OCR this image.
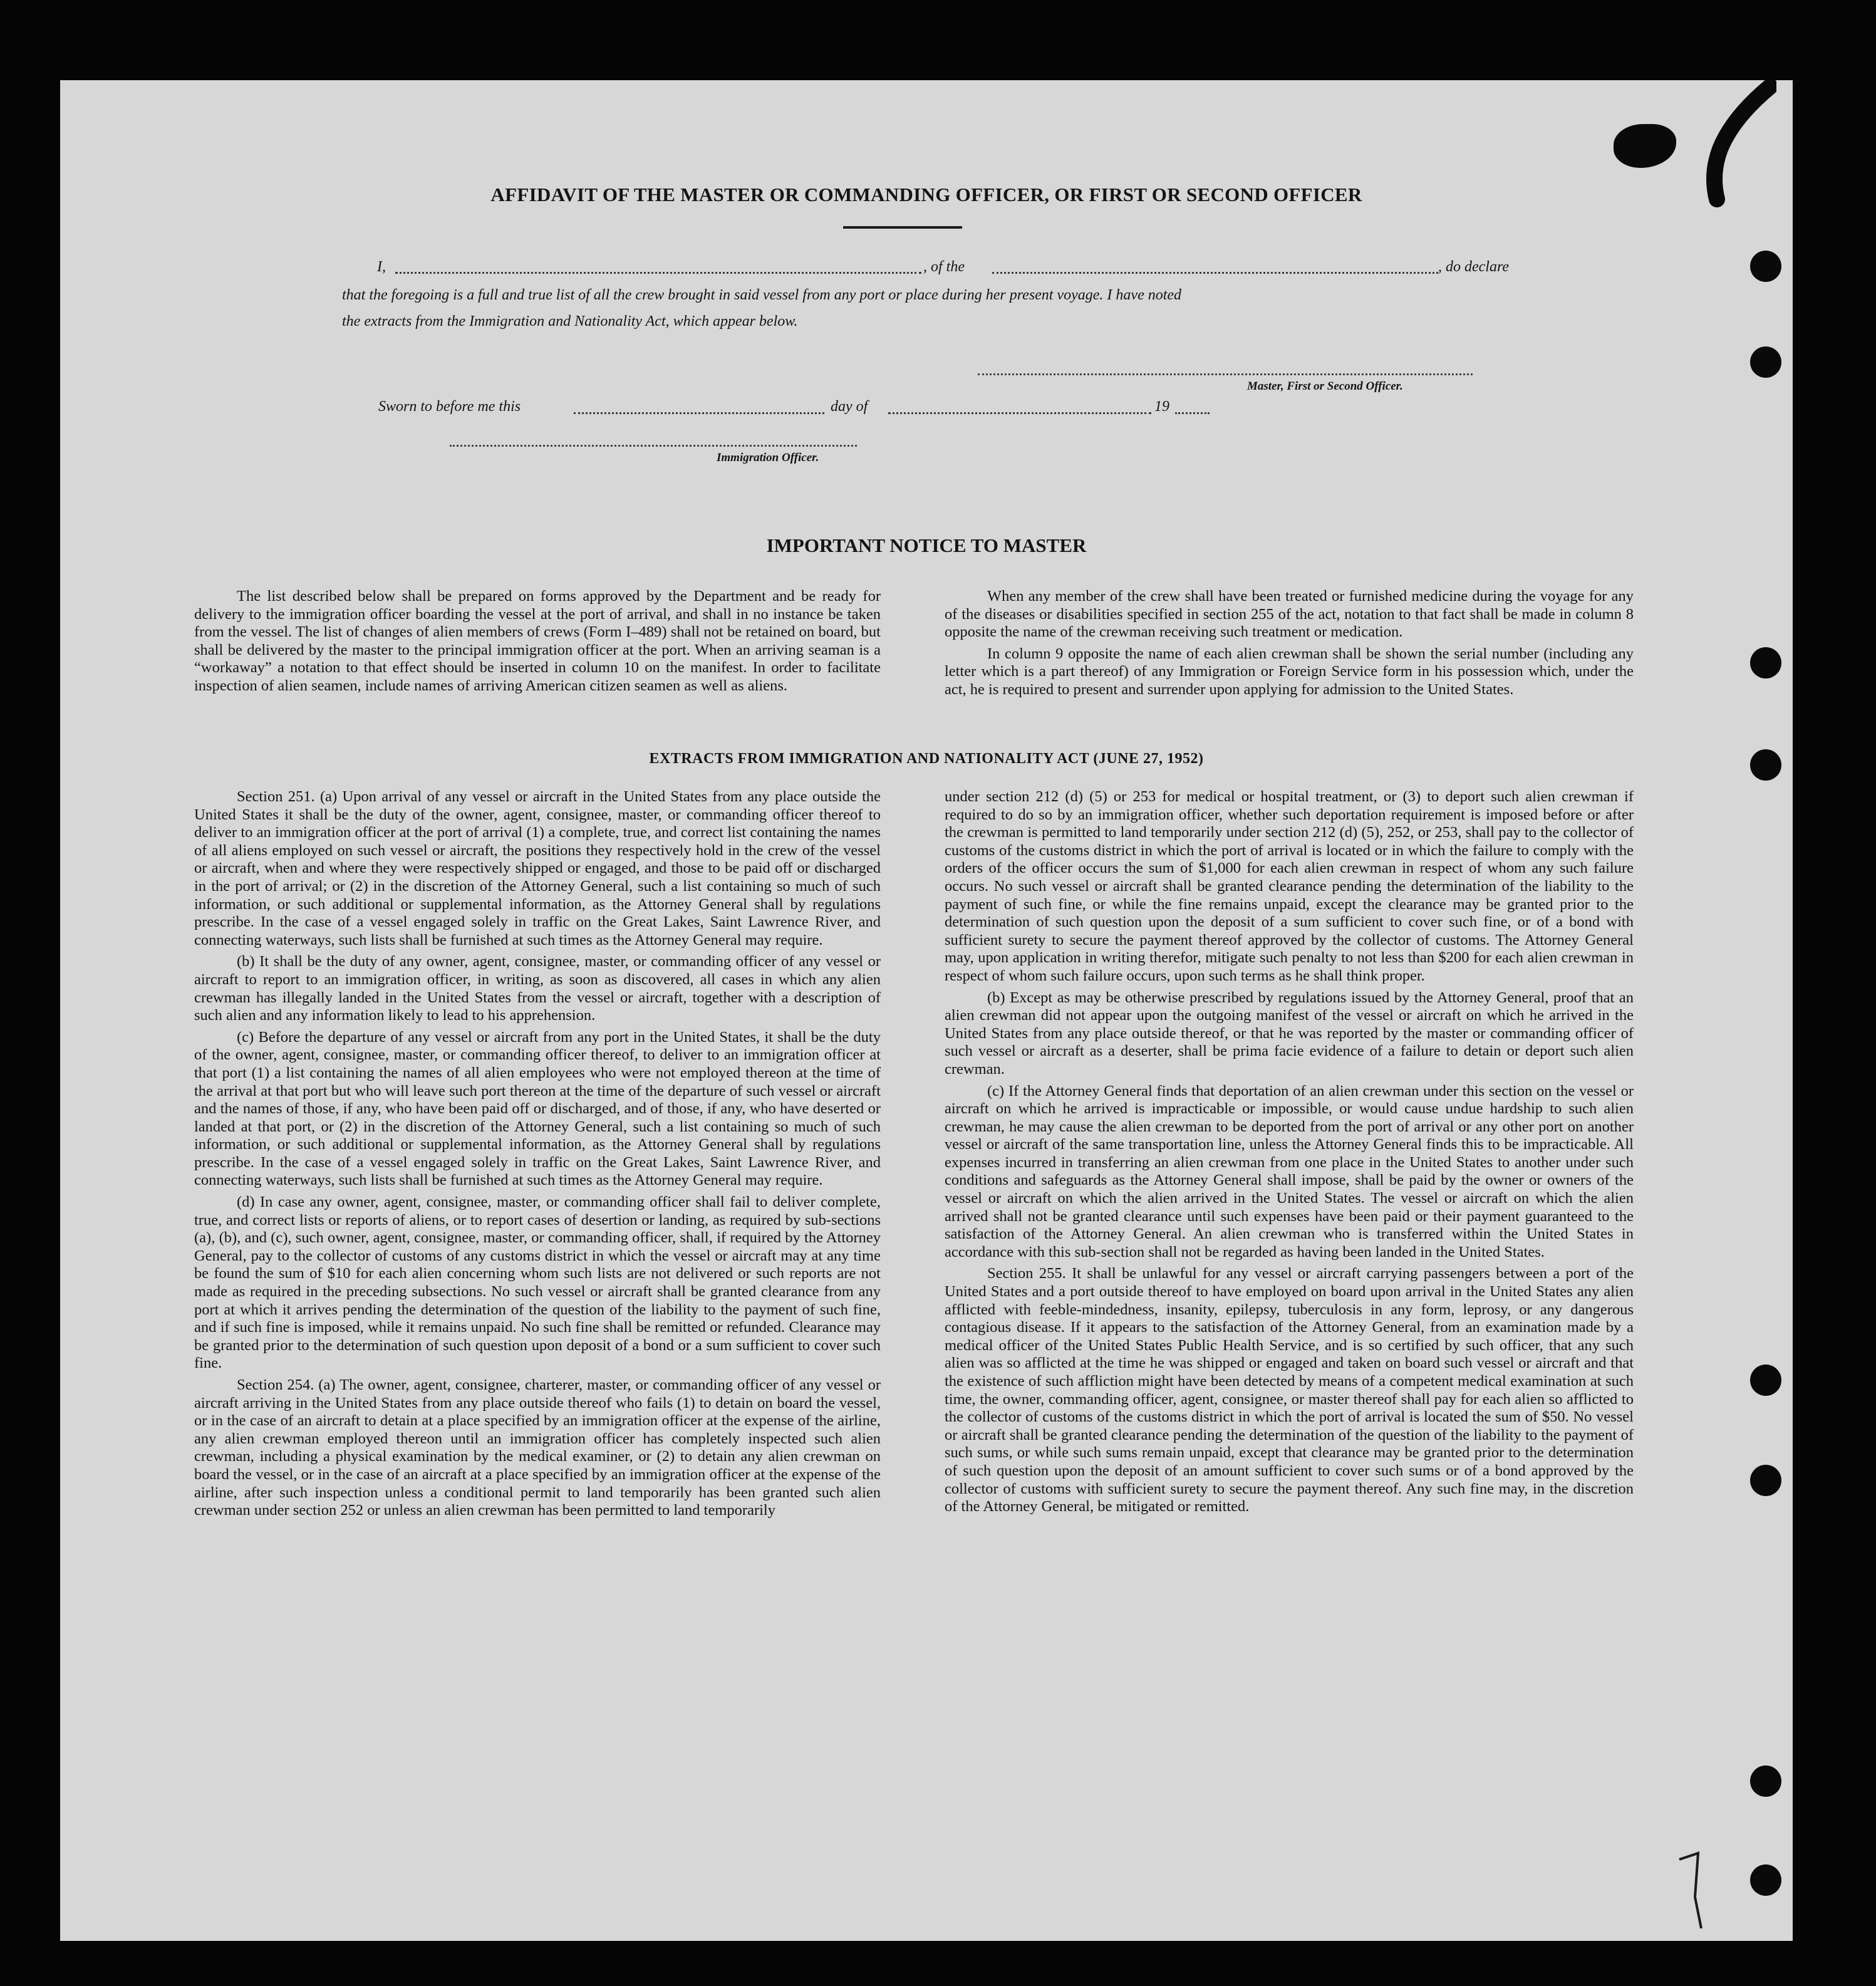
AFFIDAVIT OF THE MASTER OR COMMANDING OFFICER, OR FIRST OR SECOND OFFICER
I,	, of the	, do declare
that the foregoing is a full and true list of all the crew brought in said vessel from any port or place during her present voyage. I have noted
the extracts from the Immigration and Nationality Act, which appear below.
Master, First or Second Officer.
Sworn to before me this	day of	19
Immigration Officer.
IMPORTANT NOTICE TO MASTER

The list described below shall be prepared on forms approved by the Department and be ready for delivery to the immigration officer boarding the vessel at the port of arrival, and shall in no instance be taken from the vessel. The list of changes of alien members of crews (Form I–489) shall not be retained on board, but shall be delivered by the master to the principal immigration officer at the port. When an arriving seaman is a “workaway” a notation to that effect should be inserted in column 10 on the manifest. In order to facilitate inspection of alien seamen, include names of arriving American citizen seamen as well as aliens.

When any member of the crew shall have been treated or furnished medicine during the voyage for any of the diseases or disabilities specified in section 255 of the act, notation to that fact shall be made in column 8 opposite the name of the crewman receiving such treatment or medication.

In column 9 opposite the name of each alien crewman shall be shown the serial number (including any letter which is a part thereof) of any Immigration or Foreign Service form in his possession which, under the act, he is required to present and surrender upon applying for admission to the United States.

EXTRACTS FROM IMMIGRATION AND NATIONALITY ACT (JUNE 27, 1952)

Section 251. (a) Upon arrival of any vessel or aircraft in the United States from any place outside the United States it shall be the duty of the owner, agent, consignee, master, or commanding officer thereof to deliver to an immigration officer at the port of arrival (1) a complete, true, and correct list containing the names of all aliens employed on such vessel or aircraft, the positions they respectively hold in the crew of the vessel or aircraft, when and where they were respectively shipped or engaged, and those to be paid off or discharged in the port of arrival; or (2) in the discretion of the Attorney General, such a list containing so much of such information, or such additional or supplemental information, as the Attorney General shall by regulations prescribe. In the case of a vessel engaged solely in traffic on the Great Lakes, Saint Lawrence River, and connecting waterways, such lists shall be furnished at such times as the Attorney General may require.

(b) It shall be the duty of any owner, agent, consignee, master, or commanding officer of any vessel or aircraft to report to an immigration officer, in writing, as soon as discovered, all cases in which any alien crewman has illegally landed in the United States from the vessel or aircraft, together with a description of such alien and any information likely to lead to his apprehension.

(c) Before the departure of any vessel or aircraft from any port in the United States, it shall be the duty of the owner, agent, consignee, master, or commanding officer thereof, to deliver to an immigration officer at that port (1) a list containing the names of all alien employees who were not employed thereon at the time of the arrival at that port but who will leave such port thereon at the time of the departure of such vessel or aircraft and the names of those, if any, who have been paid off or discharged, and of those, if any, who have deserted or landed at that port, or (2) in the discretion of the Attorney General, such a list containing so much of such information, or such additional or supplemental information, as the Attorney General shall by regulations prescribe. In the case of a vessel engaged solely in traffic on the Great Lakes, Saint Lawrence River, and connecting waterways, such lists shall be furnished at such times as the Attorney General may require.

(d) In case any owner, agent, consignee, master, or commanding officer shall fail to deliver complete, true, and correct lists or reports of aliens, or to report cases of desertion or landing, as required by sub-sections (a), (b), and (c), such owner, agent, consignee, master, or commanding officer, shall, if required by the Attorney General, pay to the collector of customs of any customs district in which the vessel or aircraft may at any time be found the sum of $10 for each alien concerning whom such lists are not delivered or such reports are not made as required in the preceding subsections. No such vessel or aircraft shall be granted clearance from any port at which it arrives pending the determination of the question of the liability to the payment of such fine, and if such fine is imposed, while it remains unpaid. No such fine shall be remitted or refunded. Clearance may be granted prior to the determination of such question upon deposit of a bond or a sum sufficient to cover such fine.

Section 254. (a) The owner, agent, consignee, charterer, master, or commanding officer of any vessel or aircraft arriving in the United States from any place outside thereof who fails (1) to detain on board the vessel, or in the case of an aircraft to detain at a place specified by an immigration officer at the expense of the airline, any alien crewman employed thereon until an immigration officer has completely inspected such alien crewman, including a physical examination by the medical examiner, or (2) to detain any alien crewman on board the vessel, or in the case of an aircraft at a place specified by an immigration officer at the expense of the airline, after such inspection unless a conditional permit to land temporarily has been granted such alien crewman under section 252 or unless an alien crewman has been permitted to land temporarily

under section 212 (d) (5) or 253 for medical or hospital treatment, or (3) to deport such alien crewman if required to do so by an immigration officer, whether such deportation requirement is imposed before or after the crewman is permitted to land temporarily under section 212 (d) (5), 252, or 253, shall pay to the collector of customs of the customs district in which the port of arrival is located or in which the failure to comply with the orders of the officer occurs the sum of $1,000 for each alien crewman in respect of whom any such failure occurs. No such vessel or aircraft shall be granted clearance pending the determination of the liability to the payment of such fine, or while the fine remains unpaid, except the clearance may be granted prior to the determination of such question upon the deposit of a sum sufficient to cover such fine, or of a bond with sufficient surety to secure the payment thereof approved by the collector of customs. The Attorney General may, upon application in writing therefor, mitigate such penalty to not less than $200 for each alien crewman in respect of whom such failure occurs, upon such terms as he shall think proper.

(b) Except as may be otherwise prescribed by regulations issued by the Attorney General, proof that an alien crewman did not appear upon the outgoing manifest of the vessel or aircraft on which he arrived in the United States from any place outside thereof, or that he was reported by the master or commanding officer of such vessel or aircraft as a deserter, shall be prima facie evidence of a failure to detain or deport such alien crewman.

(c) If the Attorney General finds that deportation of an alien crewman under this section on the vessel or aircraft on which he arrived is impracticable or impossible, or would cause undue hardship to such alien crewman, he may cause the alien crewman to be deported from the port of arrival or any other port on another vessel or aircraft of the same transportation line, unless the Attorney General finds this to be impracticable. All expenses incurred in transferring an alien crewman from one place in the United States to another under such conditions and safeguards as the Attorney General shall impose, shall be paid by the owner or owners of the vessel or aircraft on which the alien arrived in the United States. The vessel or aircraft on which the alien arrived shall not be granted clearance until such expenses have been paid or their payment guaranteed to the satisfaction of the Attorney General. An alien crewman who is transferred within the United States in accordance with this sub-section shall not be regarded as having been landed in the United States.

Section 255. It shall be unlawful for any vessel or aircraft carrying passengers between a port of the United States and a port outside thereof to have employed on board upon arrival in the United States any alien afflicted with feeble-mindedness, insanity, epilepsy, tuberculosis in any form, leprosy, or any dangerous contagious disease. If it appears to the satisfaction of the Attorney General, from an examination made by a medical officer of the United States Public Health Service, and is so certified by such officer, that any such alien was so afflicted at the time he was shipped or engaged and taken on board such vessel or aircraft and that the existence of such affliction might have been detected by means of a competent medical examination at such time, the owner, commanding officer, agent, consignee, or master thereof shall pay for each alien so afflicted to the collector of customs of the customs district in which the port of arrival is located the sum of $50. No vessel or aircraft shall be granted clearance pending the determination of the question of the liability to the payment of such sums, or while such sums remain unpaid, except that clearance may be granted prior to the determination of such question upon the deposit of an amount sufficient to cover such sums or of a bond approved by the collector of customs with sufficient surety to secure the payment thereof. Any such fine may, in the discretion of the Attorney General, be mitigated or remitted.
